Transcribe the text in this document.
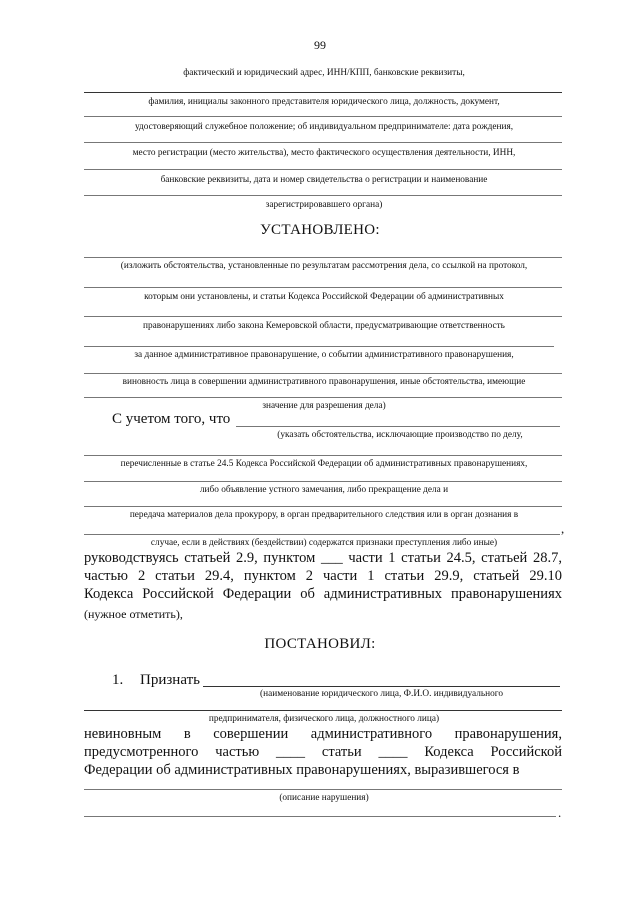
99
фактический и юридический адрес, ИНН/КПП, банковские реквизиты,
фамилия, инициалы законного представителя юридического лица, должность, документ,
удостоверяющий служебное положение; об индивидуальном предпринимателе: дата рождения,
место регистрации (место жительства), место фактического осуществления деятельности, ИНН,
банковские реквизиты, дата и номер свидетельства о регистрации и наименование
зарегистрировавшего органа)
УСТАНОВЛЕНО:
(изложить обстоятельства, установленные по результатам рассмотрения дела, со ссылкой на протокол,
которым они установлены, и статьи Кодекса Российской Федерации об административных
правонарушениях либо закона Кемеровской области, предусматривающие ответственность
за данное административное правонарушение, о событии административного правонарушения,
виновность лица в совершении административного правонарушения, иные обстоятельства, имеющие
значение для разрешения дела)
С учетом того, что
(указать обстоятельства, исключающие производство по делу,
перечисленные в статье 24.5 Кодекса Российской Федерации об административных правонарушениях,
либо объявление устного замечания, либо прекращение дела и
передача материалов дела прокурору, в орган предварительного следствия или в орган дознания в
,
случае, если в действиях (бездействии) содержатся признаки преступления либо иные)
руководствуясь статьей 2.9, пунктом ___ части 1 статьи 24.5, статьей 28.7,
частью 2 статьи 29.4, пунктом 2 части 1 статьи 29.9, статьей 29.10
Кодекса Российской Федерации об административных правонарушениях
(нужное отметить),
ПОСТАНОВИЛ:
1. Признать
(наименование юридического лица, Ф.И.О. индивидуального
предпринимателя, физического лица, должностного лица)
невиновным в совершении административного правонарушения,
предусмотренного частью ____ статьи ____ Кодекса Российской
Федерации об административных правонарушениях, выразившегося в
(описание нарушения)
.
